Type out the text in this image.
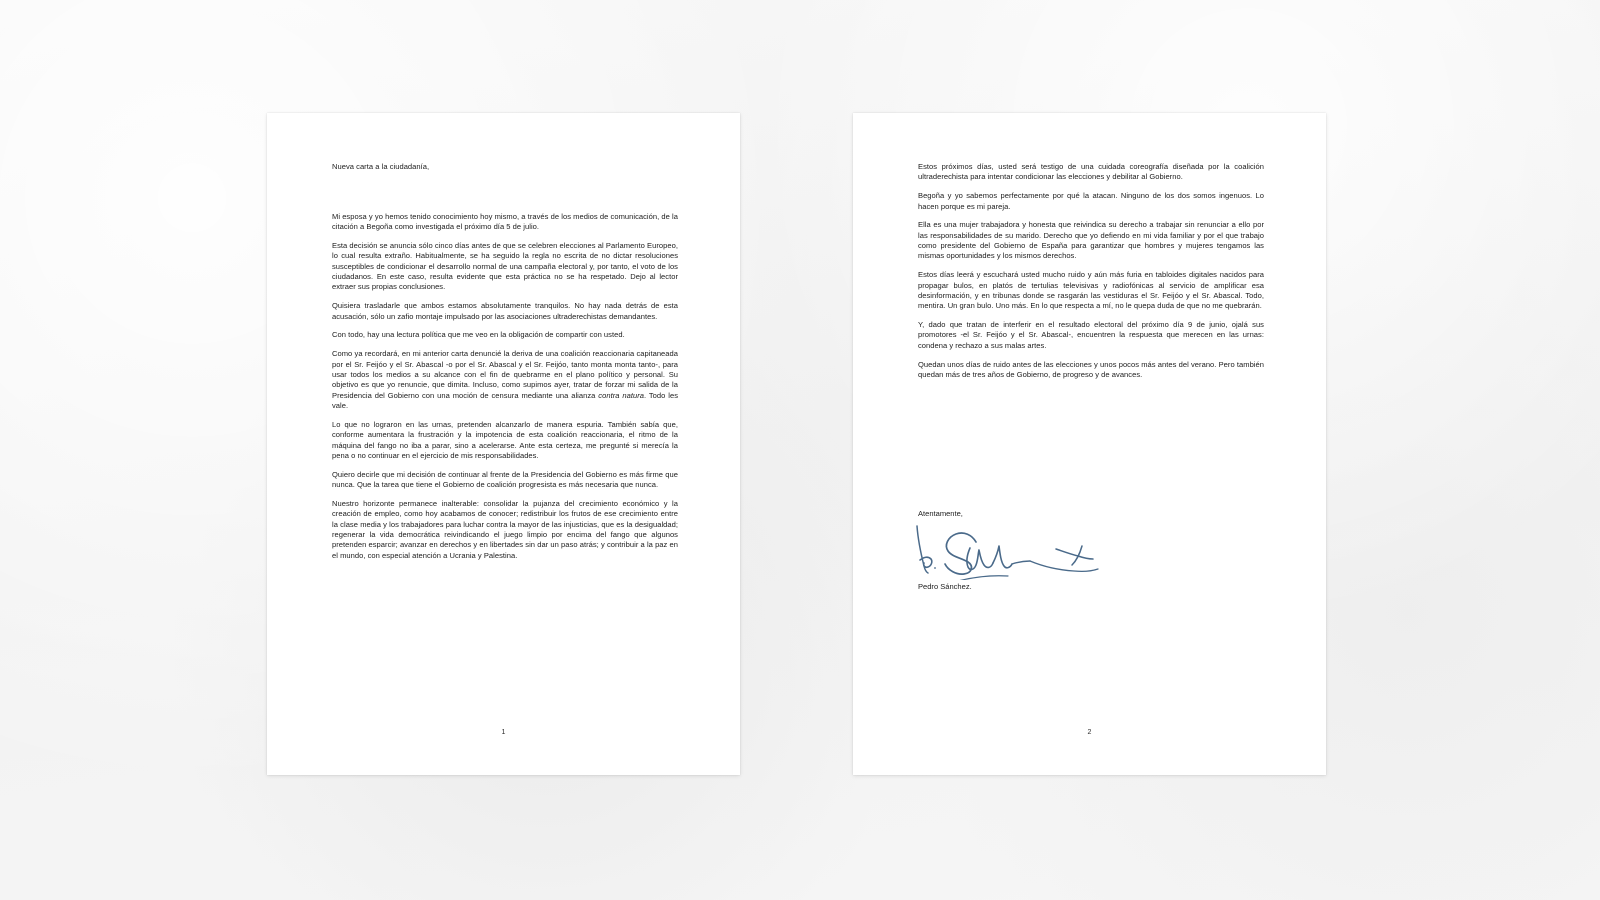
Nueva carta a la ciudadanía,

Mi esposa y yo hemos tenido conocimiento hoy mismo, a través de los medios de comunicación, de la citación a Begoña como investigada el próximo día 5 de julio.

Esta decisión se anuncia sólo cinco días antes de que se celebren elecciones al Parlamento Europeo, lo cual resulta extraño. Habitualmente, se ha seguido la regla no escrita de no dictar resoluciones susceptibles de condicionar el desarrollo normal de una campaña electoral y, por tanto, el voto de los ciudadanos. En este caso, resulta evidente que esta práctica no se ha respetado. Dejo al lector extraer sus propias conclusiones.

Quisiera trasladarle que ambos estamos absolutamente tranquilos. No hay nada detrás de esta acusación, sólo un zafio montaje impulsado por las asociaciones ultraderechistas demandantes.

Con todo, hay una lectura política que me veo en la obligación de compartir con usted.

Como ya recordará, en mi anterior carta denuncié la deriva de una coalición reaccionaria capitaneada por el Sr. Feijóo y el Sr. Abascal -o por el Sr. Abascal y el Sr. Feijóo, tanto monta monta tanto-, para usar todos los medios a su alcance con el fin de quebrarme en el plano político y personal. Su objetivo es que yo renuncie, que dimita. Incluso, como supimos ayer, tratar de forzar mi salida de la Presidencia del Gobierno con una moción de censura mediante una alianza contra natura. Todo les vale.

Lo que no lograron en las urnas, pretenden alcanzarlo de manera espuria. También sabía que, conforme aumentara la frustración y la impotencia de esta coalición reaccionaria, el ritmo de la máquina del fango no iba a parar, sino a acelerarse. Ante esta certeza, me pregunté si merecía la pena o no continuar en el ejercicio de mis responsabilidades.

Quiero decirle que mi decisión de continuar al frente de la Presidencia del Gobierno es más firme que nunca. Que la tarea que tiene el Gobierno de coalición progresista es más necesaria que nunca.

Nuestro horizonte permanece inalterable: consolidar la pujanza del crecimiento económico y la creación de empleo, como hoy acabamos de conocer; redistribuir los frutos de ese crecimiento entre la clase media y los trabajadores para luchar contra la mayor de las injusticias, que es la desigualdad; regenerar la vida democrática reivindicando el juego limpio por encima del fango que algunos pretenden esparcir; avanzar en derechos y en libertades sin dar un paso atrás; y contribuir a la paz en el mundo, con especial atención a Ucrania y Palestina.

1

Estos próximos días, usted será testigo de una cuidada coreografía diseñada por la coalición ultraderechista para intentar condicionar las elecciones y debilitar al Gobierno.

Begoña y yo sabemos perfectamente por qué la atacan. Ninguno de los dos somos ingenuos. Lo hacen porque es mi pareja.

Ella es una mujer trabajadora y honesta que reivindica su derecho a trabajar sin renunciar a ello por las responsabilidades de su marido. Derecho que yo defiendo en mi vida familiar y por el que trabajo como presidente del Gobierno de España para garantizar que hombres y mujeres tengamos las mismas oportunidades y los mismos derechos.

Estos días leerá y escuchará usted mucho ruido y aún más furia en tabloides digitales nacidos para propagar bulos, en platós de tertulias televisivas y radiofónicas al servicio de amplificar esa desinformación, y en tribunas donde se rasgarán las vestiduras el Sr. Feijóo y el Sr. Abascal. Todo, mentira. Un gran bulo. Uno más. En lo que respecta a mí, no le quepa duda de que no me quebrarán.

Y, dado que tratan de interferir en el resultado electoral del próximo día 9 de junio, ojalá sus promotores -el Sr. Feijóo y el Sr. Abascal-, encuentren la respuesta que merecen en las urnas: condena y rechazo a sus malas artes.

Quedan unos días de ruido antes de las elecciones y unos pocos más antes del verano. Pero también quedan más de tres años de Gobierno, de progreso y de avances.

Atentamente,

Pedro Sánchez.

2
